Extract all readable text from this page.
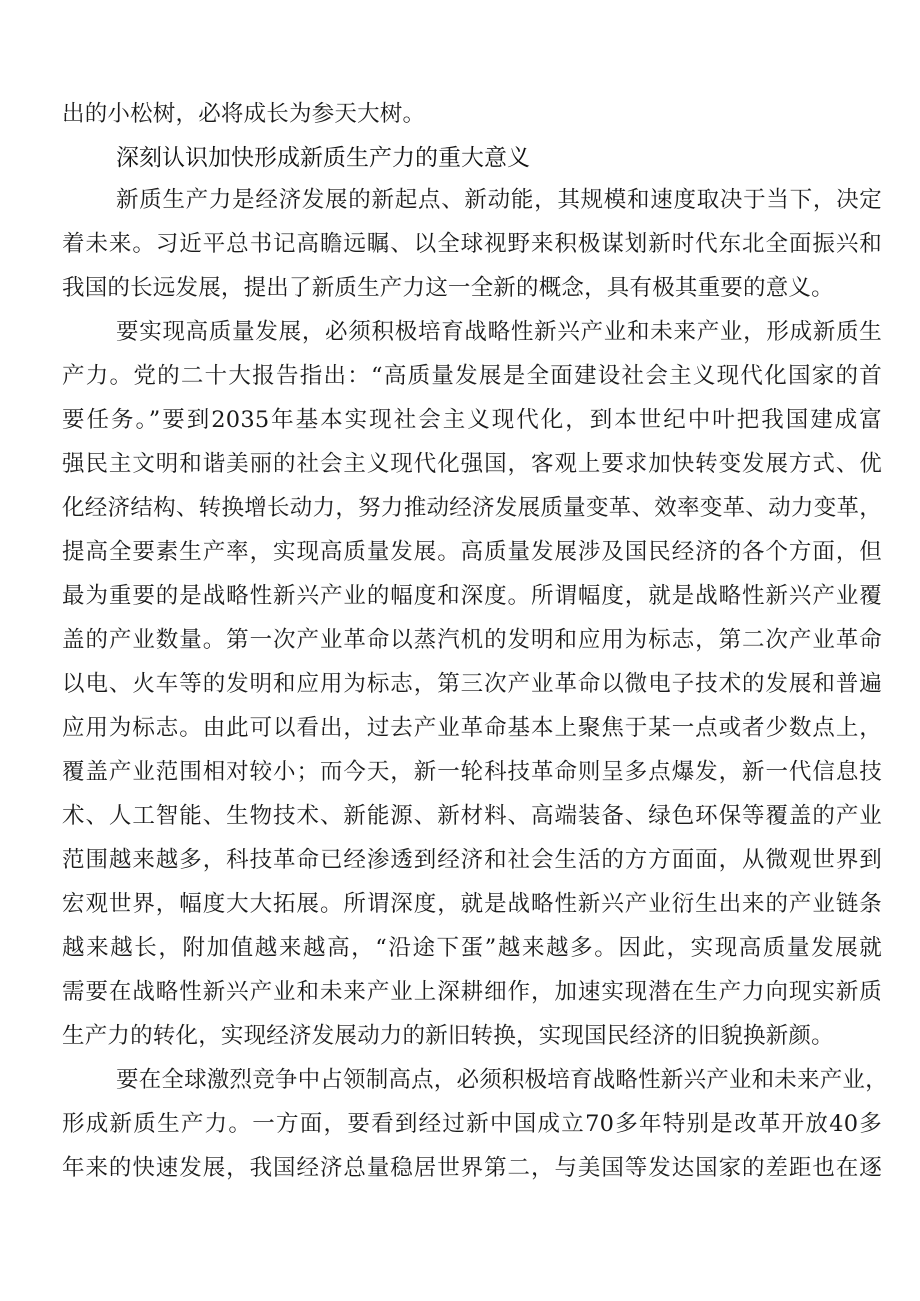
出的小松树，必将成长为参天大树。
深刻认识加快形成新质生产力的重大意义
新质生产力是经济发展的新起点、新动能，其规模和速度取决于当下，决定
着未来。习近平总书记高瞻远瞩、以全球视野来积极谋划新时代东北全面振兴和
我国的长远发展，提出了新质生产力这一全新的概念，具有极其重要的意义。
要实现高质量发展，必须积极培育战略性新兴产业和未来产业，形成新质生
产力。党的二十大报告指出：“高质量发展是全面建设社会主义现代化国家的首
要任务。”要到2035年基本实现社会主义现代化，到本世纪中叶把我国建成富
强民主文明和谐美丽的社会主义现代化强国，客观上要求加快转变发展方式、优
化经济结构、转换增长动力，努力推动经济发展质量变革、效率变革、动力变革，
提高全要素生产率，实现高质量发展。高质量发展涉及国民经济的各个方面，但
最为重要的是战略性新兴产业的幅度和深度。所谓幅度，就是战略性新兴产业覆
盖的产业数量。第一次产业革命以蒸汽机的发明和应用为标志，第二次产业革命
以电、火车等的发明和应用为标志，第三次产业革命以微电子技术的发展和普遍
应用为标志。由此可以看出，过去产业革命基本上聚焦于某一点或者少数点上，
覆盖产业范围相对较小；而今天，新一轮科技革命则呈多点爆发，新一代信息技
术、人工智能、生物技术、新能源、新材料、高端装备、绿色环保等覆盖的产业
范围越来越多，科技革命已经渗透到经济和社会生活的方方面面，从微观世界到
宏观世界，幅度大大拓展。所谓深度，就是战略性新兴产业衍生出来的产业链条
越来越长，附加值越来越高，“沿途下蛋”越来越多。因此，实现高质量发展就
需要在战略性新兴产业和未来产业上深耕细作，加速实现潜在生产力向现实新质
生产力的转化，实现经济发展动力的新旧转换，实现国民经济的旧貌换新颜。
要在全球激烈竞争中占领制高点，必须积极培育战略性新兴产业和未来产业，
形成新质生产力。一方面，要看到经过新中国成立70多年特别是改革开放40多
年来的快速发展，我国经济总量稳居世界第二，与美国等发达国家的差距也在逐
